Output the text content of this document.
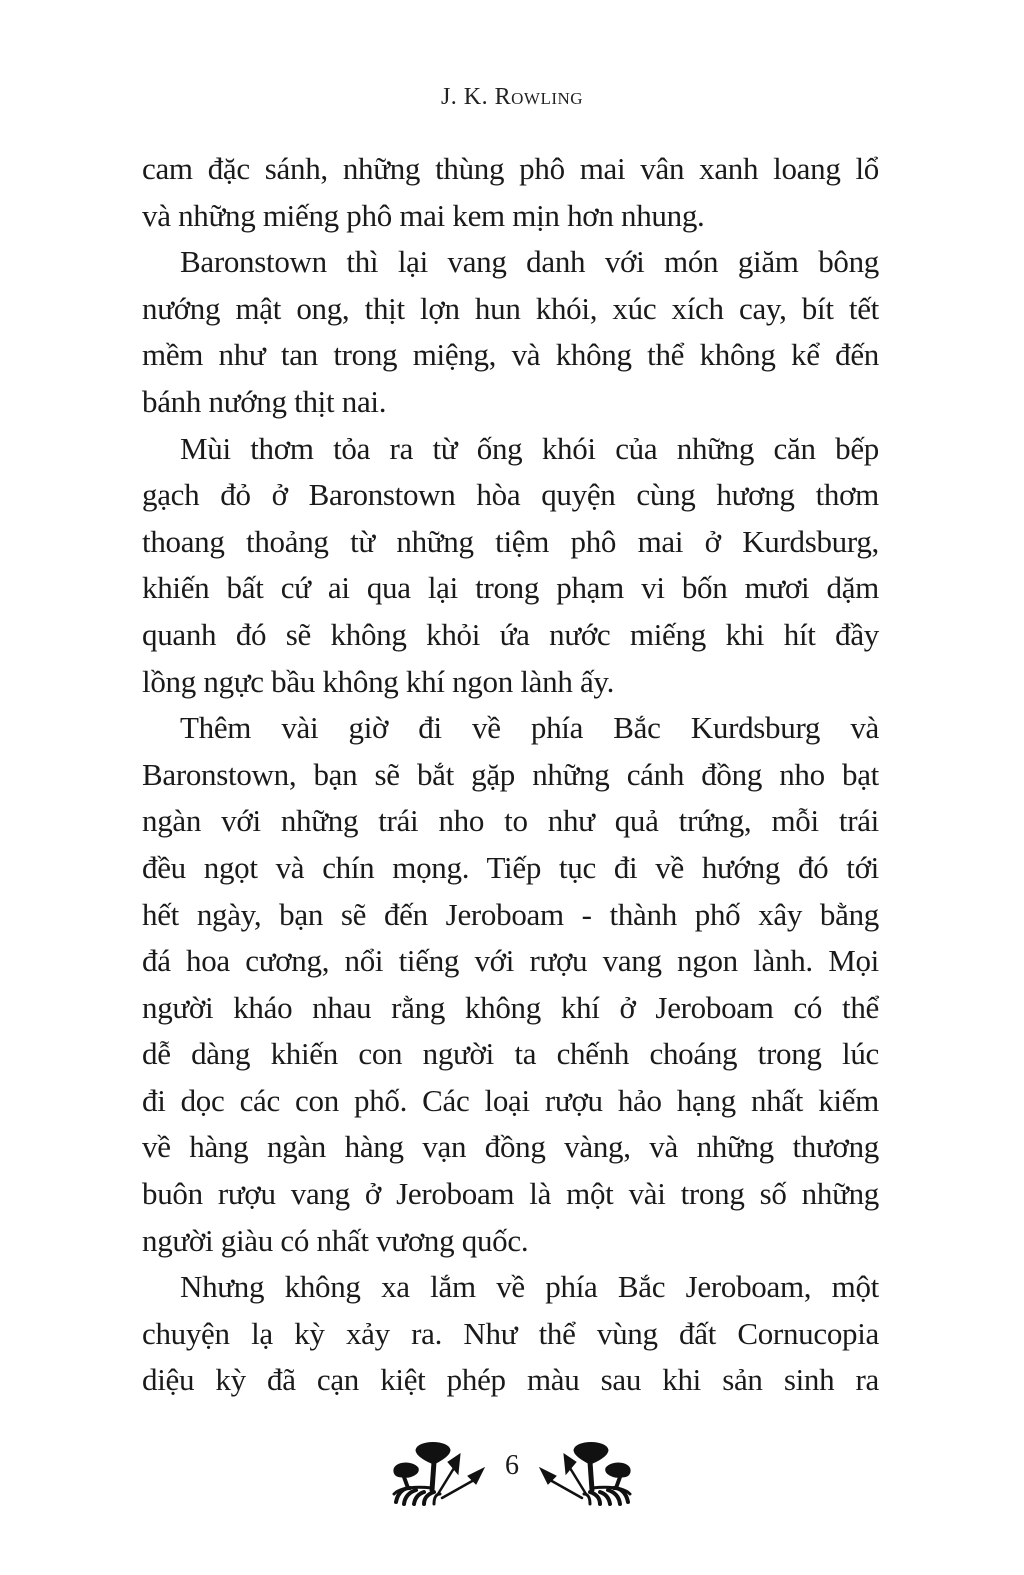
J. K. Rowling
cam đặc sánh, những thùng phô mai vân xanh loang lổ
và những miếng phô mai kem mịn hơn nhung.
Baronstown thì lại vang danh với món giăm bông
nướng mật ong, thịt lợn hun khói, xúc xích cay, bít tết
mềm như tan trong miệng, và không thể không kể đến
bánh nướng thịt nai.
Mùi thơm tỏa ra từ ống khói của những căn bếp
gạch đỏ ở Baronstown hòa quyện cùng hương thơm
thoang thoảng từ những tiệm phô mai ở Kurdsburg,
khiến bất cứ ai qua lại trong phạm vi bốn mươi dặm
quanh đó sẽ không khỏi ứa nước miếng khi hít đầy
lồng ngực bầu không khí ngon lành ấy.
Thêm vài giờ đi về phía Bắc Kurdsburg và
Baronstown, bạn sẽ bắt gặp những cánh đồng nho bạt
ngàn với những trái nho to như quả trứng, mỗi trái
đều ngọt và chín mọng. Tiếp tục đi về hướng đó tới
hết ngày, bạn sẽ đến Jeroboam - thành phố xây bằng
đá hoa cương, nổi tiếng với rượu vang ngon lành. Mọi
người kháo nhau rằng không khí ở Jeroboam có thể
dễ dàng khiến con người ta chếnh choáng trong lúc
đi dọc các con phố. Các loại rượu hảo hạng nhất kiếm
về hàng ngàn hàng vạn đồng vàng, và những thương
buôn rượu vang ở Jeroboam là một vài trong số những
người giàu có nhất vương quốc.
Nhưng không xa lắm về phía Bắc Jeroboam, một
chuyện lạ kỳ xảy ra. Như thể vùng đất Cornucopia
diệu kỳ đã cạn kiệt phép màu sau khi sản sinh ra
6
